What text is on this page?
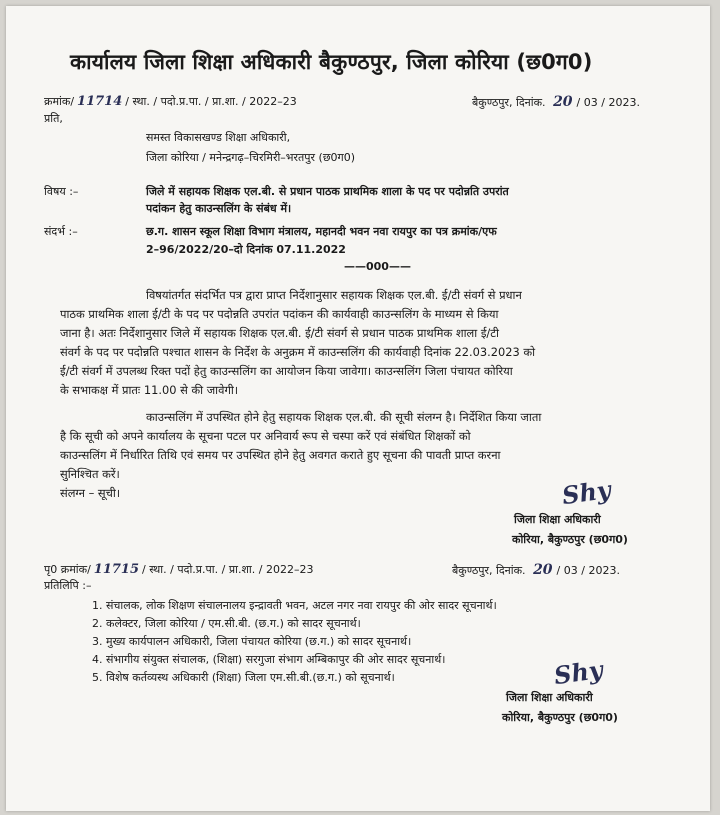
कार्यालय जिला शिक्षा अधिकारी बैकुण्ठपुर, जिला कोरिया (छ0ग0)
क्रमांक/ 11714 / स्था. / पदो.प्र.पा. / प्रा.शा. / 2022–23	बैकुण्ठपुर, दिनांक. 20 / 03 / 2023.
प्रति,
समस्त विकासखण्ड शिक्षा अधिकारी,
जिला कोरिया / मनेन्द्रगढ़–चिरमिरी–भरतपुर (छ0ग0)
विषय :–	जिले में सहायक शिक्षक एल.बी. से प्रधान पाठक प्राथमिक शाला के पद पर पदोन्नति उपरांत
पदांकन हेतु काउन्सलिंग के संबंध में।
संदर्भ :–	छ.ग. शासन स्कूल शिक्षा विभाग मंत्रालय, महानदी भवन नवा रायपुर का पत्र क्रमांक/एफ
2–96/2022/20–दो दिनांक 07.11.2022
——000——
विषयांतर्गत संदर्भित पत्र द्वारा प्राप्त निर्देशानुसार सहायक शिक्षक एल.बी. ई/टी संवर्ग से प्रधान
पाठक प्राथमिक शाला ई/टी के पद पर पदोन्नति उपरांत पदांकन की कार्यवाही काउन्सलिंग के माध्यम से किया
जाना है। अतः निर्देशानुसार जिले में सहायक शिक्षक एल.बी. ई/टी संवर्ग से प्रधान पाठक प्राथमिक शाला ई/टी
संवर्ग के पद पर पदोन्नति पश्चात शासन के निर्देश के अनुक्रम में काउन्सलिंग की कार्यवाही दिनांक 22.03.2023 को
ई/टी संवर्ग में उपलब्ध रिक्त पदों हेतु काउन्सलिंग का आयोजन किया जावेगा। काउन्सलिंग जिला पंचायत कोरिया
के सभाकक्ष में प्रातः 11.00 से की जावेगी।
काउन्सलिंग में उपस्थित होने हेतु सहायक शिक्षक एल.बी. की सूची संलग्न है। निर्देशित किया जाता
है कि सूची को अपने कार्यालय के सूचना पटल पर अनिवार्य रूप से चस्पा करें एवं संबंधित शिक्षकों को
काउन्सलिंग में निर्धारित तिथि एवं समय पर उपस्थित होने हेतु अवगत कराते हुए सूचना की पावती प्राप्त करना
सुनिश्चित करें।
संलग्न – सूची।	Shy
जिला शिक्षा अधिकारी
कोरिया, बैकुण्ठपुर (छ0ग0)
पृ0 क्रमांक/ 11715 / स्था. / पदो.प्र.पा. / प्रा.शा. / 2022–23	बैकुण्ठपुर, दिनांक. 20 / 03 / 2023.
प्रतिलिपि :–
1. संचालक, लोक शिक्षण संचालनालय इन्द्रावती भवन, अटल नगर नवा रायपुर की ओर सादर सूचनार्थ।
2. कलेक्टर, जिला कोरिया / एम.सी.बी. (छ.ग.) को सादर सूचनार्थ।
3. मुख्य कार्यपालन अधिकारी, जिला पंचायत कोरिया (छ.ग.) को सादर सूचनार्थ।
4. संभागीय संयुक्त संचालक, (शिक्षा) सरगुजा संभाग अम्बिकापुर की ओर सादर सूचनार्थ।
5. विशेष कर्तव्यस्थ अधिकारी (शिक्षा) जिला एम.सी.बी.(छ.ग.) को सूचनार्थ।	Shy
जिला शिक्षा अधिकारी
कोरिया, बैकुण्ठपुर (छ0ग0)
